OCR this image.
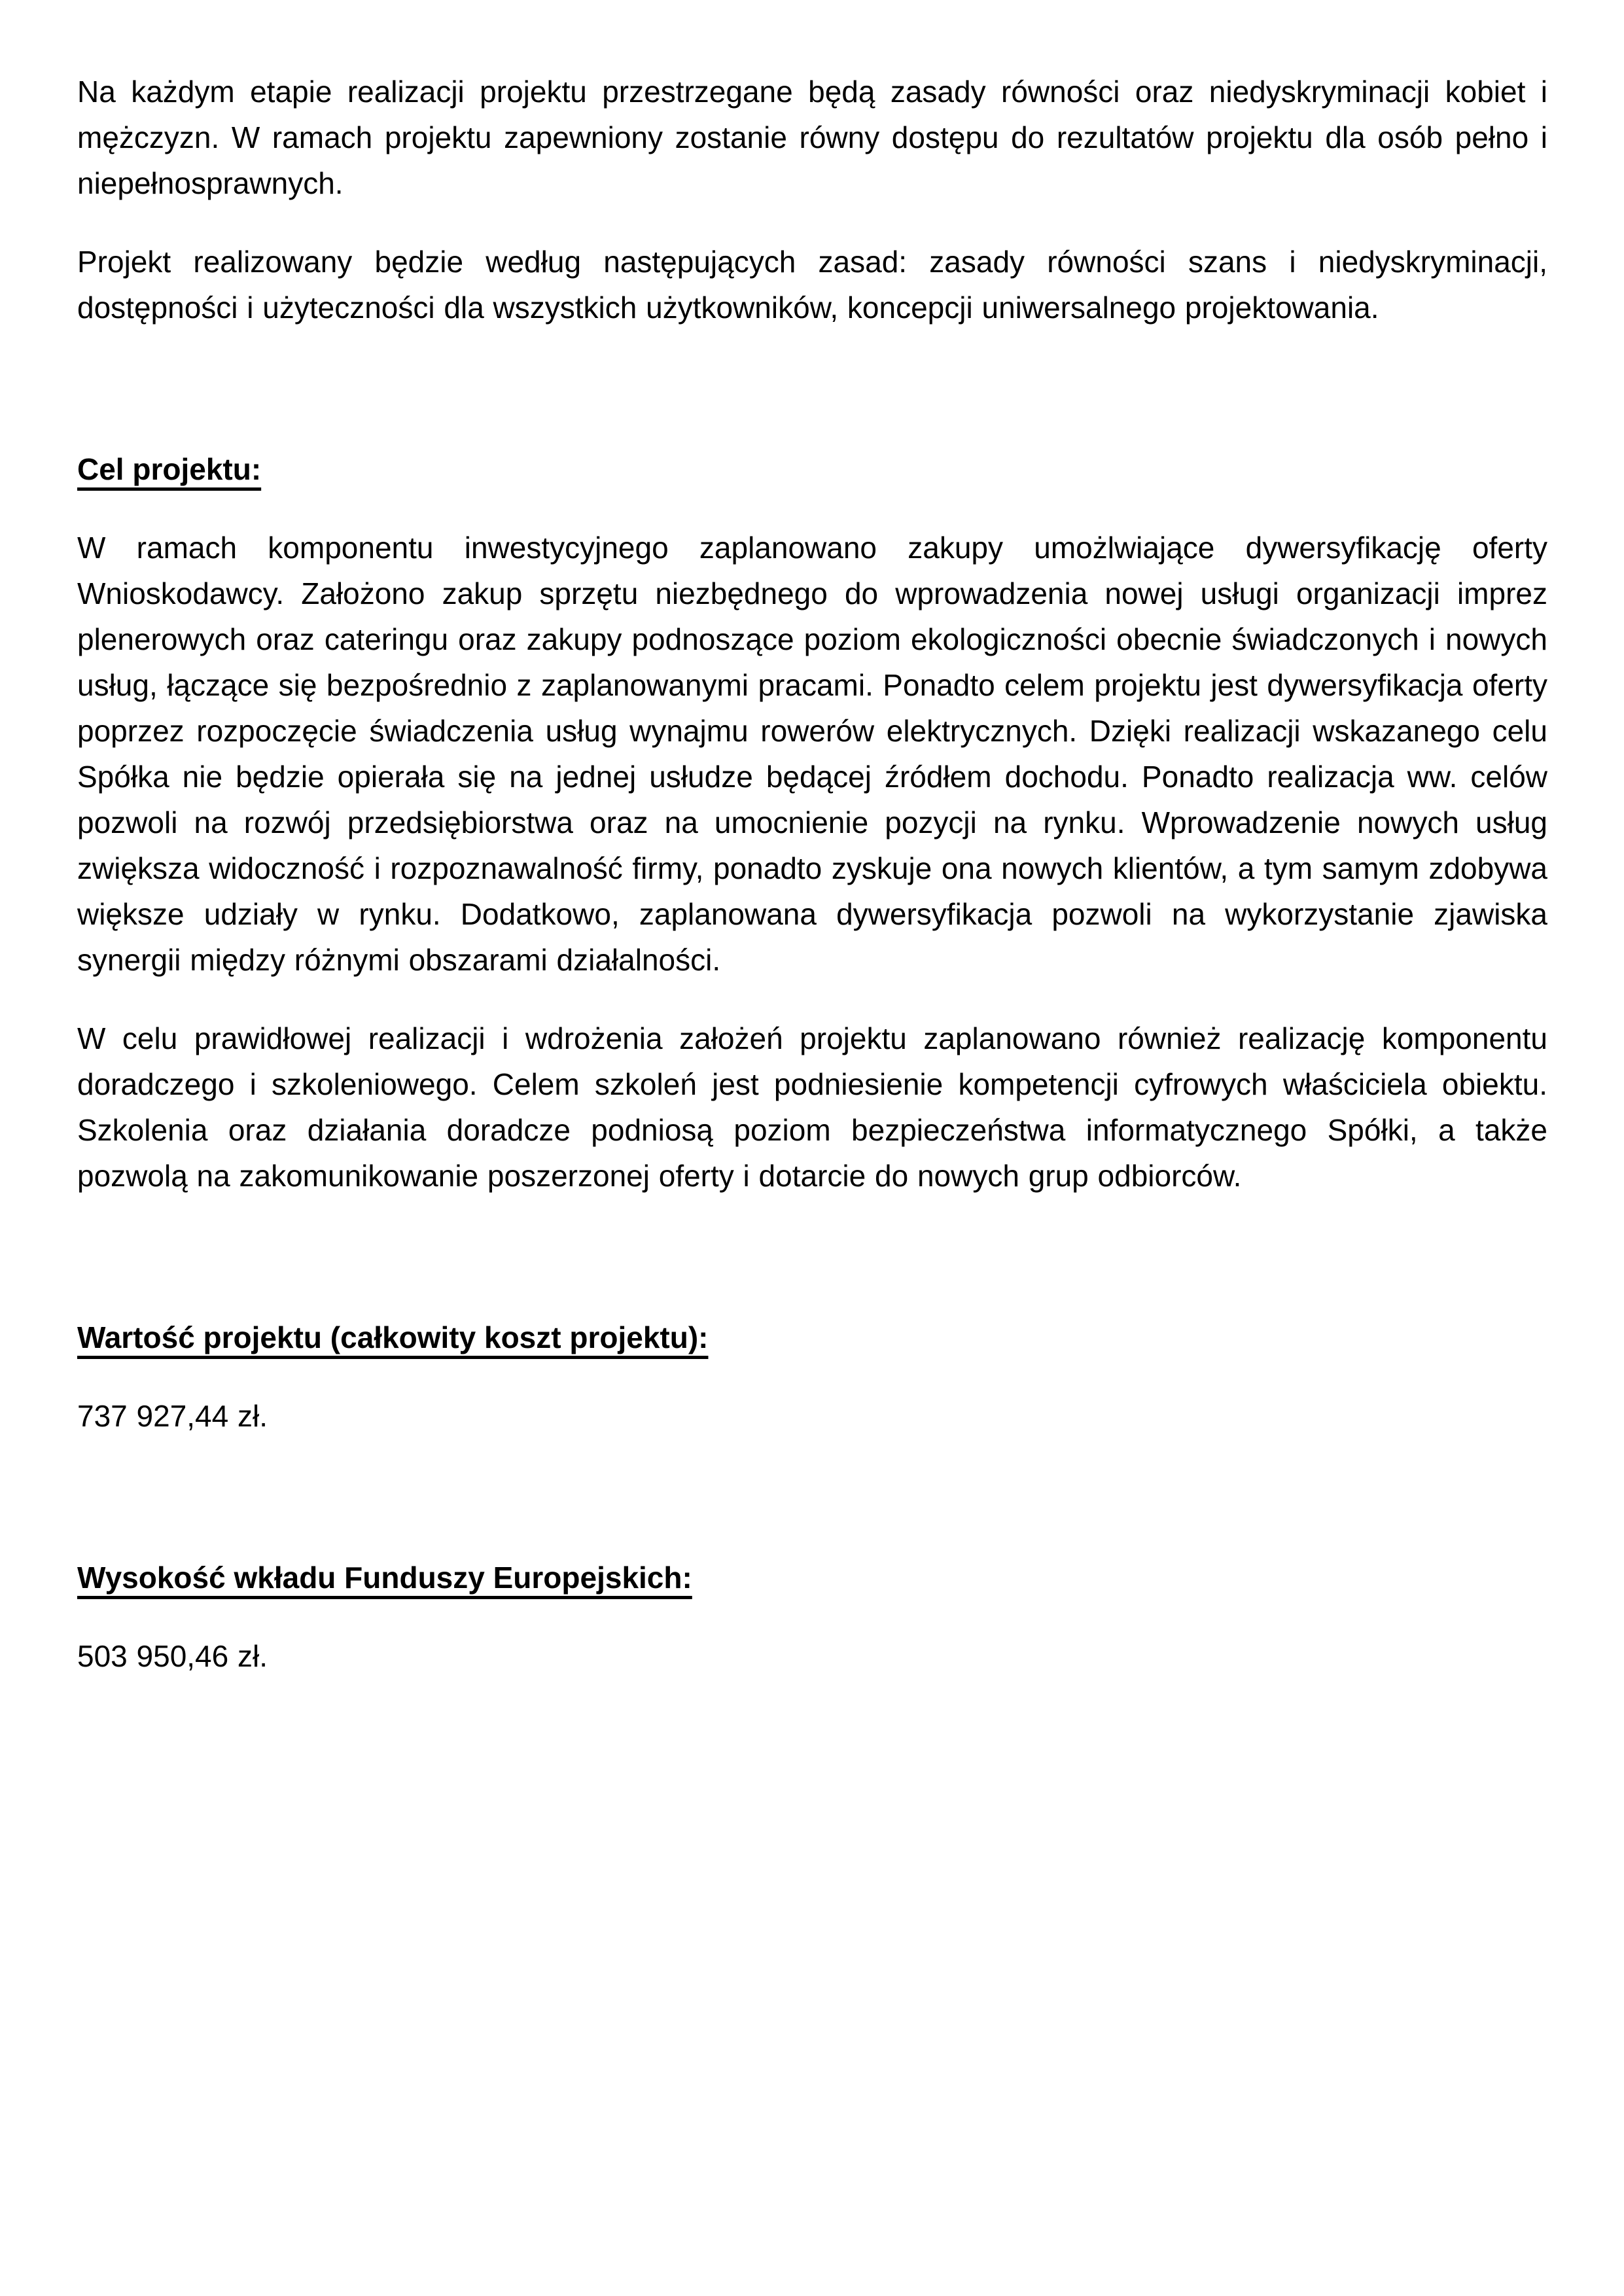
Na każdym etapie realizacji projektu przestrzegane będą zasady równości oraz niedyskryminacji kobiet i mężczyzn. W ramach projektu zapewniony zostanie równy dostępu do rezultatów projektu dla osób pełno i niepełnosprawnych.

Projekt realizowany będzie według następujących zasad: zasady równości szans i niedyskryminacji, dostępności i użyteczności dla wszystkich użytkowników, koncepcji uniwersalnego projektowania.

Cel projektu:

W ramach komponentu inwestycyjnego zaplanowano zakupy umożlwiające dywersyfikację oferty Wnioskodawcy. Założono zakup sprzętu niezbędnego do wprowadzenia nowej usługi organizacji imprez plenerowych oraz cateringu oraz zakupy podnoszące poziom ekologiczności obecnie świadczonych i nowych usług, łączące się bezpośrednio z zaplanowanymi pracami. Ponadto celem projektu jest dywersyfikacja oferty poprzez rozpoczęcie świadczenia usług wynajmu rowerów elektrycznych. Dzięki realizacji wskazanego celu Spółka nie będzie opierała się na jednej usłudze będącej źródłem dochodu. Ponadto realizacja ww. celów pozwoli na rozwój przedsiębiorstwa oraz na umocnienie pozycji na rynku. Wprowadzenie nowych usług zwiększa widoczność i rozpoznawalność firmy, ponadto zyskuje ona nowych klientów, a tym samym zdobywa większe udziały w rynku. Dodatkowo, zaplanowana dywersyfikacja pozwoli na wykorzystanie zjawiska synergii między różnymi obszarami działalności.

W celu prawidłowej realizacji i wdrożenia założeń projektu zaplanowano również realizację komponentu doradczego i szkoleniowego. Celem szkoleń jest podniesienie kompetencji cyfrowych właściciela obiektu. Szkolenia oraz działania doradcze podniosą poziom bezpieczeństwa informatycznego Spółki, a także pozwolą na zakomunikowanie poszerzonej oferty i dotarcie do nowych grup odbiorców.

Wartość projektu (całkowity koszt projektu):

737 927,44 zł.

Wysokość wkładu Funduszy Europejskich:

503 950,46 zł.
